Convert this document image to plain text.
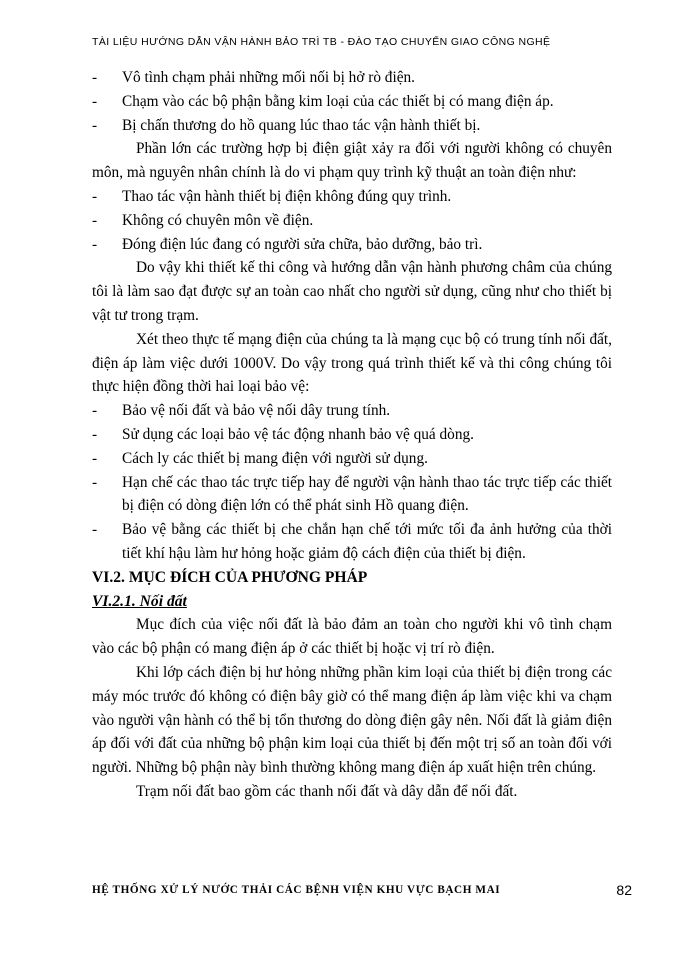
TÀI LIỆU HƯỚNG DẪN VẬN HÀNH BẢO TRÌ TB - ĐÀO TẠO CHUYỂN GIAO CÔNG NGHỆ

- Vô tình chạm phải những mối nối bị hở rò điện.

- Chạm vào các bộ phận bằng kim loại của các thiết bị có mang điện áp.

- Bị chấn thương do hồ quang lúc thao tác vận hành thiết bị.

Phần lớn các trường hợp bị điện giật xảy ra đối với người không có chuyên môn, mà nguyên nhân chính là do vi phạm quy trình kỹ thuật an toàn điện như:

- Thao tác vận hành thiết bị điện không đúng quy trình.

- Không có chuyên môn về điện.

- Đóng điện lúc đang có người sửa chữa, bảo dưỡng, bảo trì.

Do vậy khi thiết kế thi công và hướng dẫn vận hành phương châm của chúng tôi là làm sao đạt được sự an toàn cao nhất cho người sử dụng, cũng như cho thiết bị vật tư trong trạm.

Xét theo thực tế mạng điện của chúng ta là mạng cục bộ có trung tính nối đất, điện áp làm việc dưới 1000V. Do vậy trong quá trình thiết kế và thi công chúng tôi thực hiện đồng thời hai loại bảo vệ:

- Bảo vệ nối đất và bảo vệ nối dây trung tính.

- Sử dụng các loại bảo vệ tác động nhanh bảo vệ quá dòng.

- Cách ly các thiết bị mang điện với người sử dụng.

- Hạn chế các thao tác trực tiếp hay để người vận hành thao tác trực tiếp các thiết bị điện có dòng điện lớn có thể phát sinh Hồ quang điện.

- Bảo vệ bằng các thiết bị che chắn hạn chế tới mức tối đa ảnh hưởng của thời tiết khí hậu làm hư hỏng hoặc giảm độ cách điện của thiết bị điện.

VI.2. MỤC ĐÍCH CỦA PHƯƠNG PHÁP

VI.2.1. Nối đất

Mục đích của việc nối đất là bảo đảm an toàn cho người khi vô tình chạm vào các bộ phận có mang điện áp ở các thiết bị hoặc vị trí rò điện.

Khi lớp cách điện bị hư hỏng những phần kim loại của thiết bị điện trong các máy móc trước đó không có điện bây giờ có thể mang điện áp làm việc khi va chạm vào người vận hành có thể bị tổn thương do dòng điện gây nên. Nối đất là giảm điện áp đối với đất của những bộ phận kim loại của thiết bị đến một trị số an toàn đối với người. Những bộ phận này bình thường không mang điện áp xuất hiện trên chúng.

Trạm nối đất bao gồm các thanh nối đất và dây dẫn để nối đất.

HỆ THỐNG XỬ LÝ NƯỚC THẢI CÁC BỆNH VIỆN KHU VỰC BẠCH MAI	82
